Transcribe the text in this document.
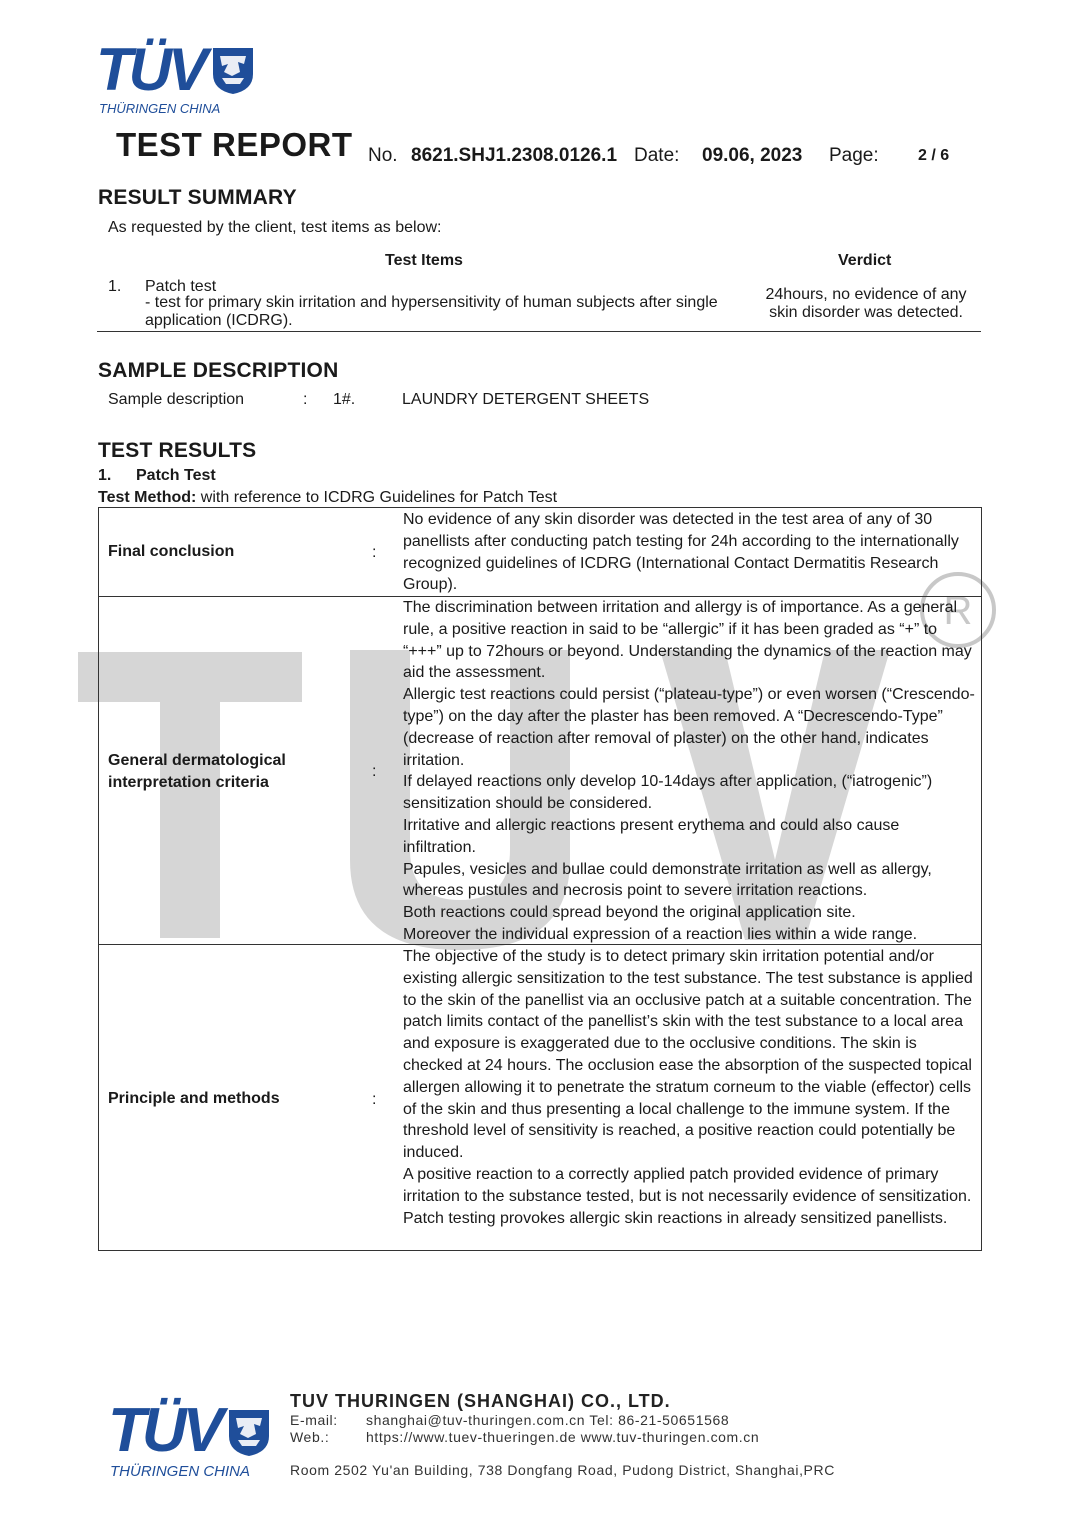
R
TÜV
THÜRINGEN CHINA
TEST REPORT No. 8621.SHJ1.2308.0126.1 Date: 09.06, 2023 Page: 2 / 6
RESULT SUMMARY
As requested by the client, test items as below:
Test Items	Verdict
1. Patch test
- test for primary skin irritation and hypersensitivity of human subjects after single application (ICDRG).
24hours, no evidence of any skin disorder was detected.
SAMPLE DESCRIPTION
Sample description	: 1#.	LAUNDRY DETERGENT SHEETS
TEST RESULTS
1. Patch Test
Test Method: with reference to ICDRG Guidelines for Patch Test
Final conclusion	:
No evidence of any skin disorder was detected in the test area of any of 30 panellists after conducting patch testing for 24h according to the internationally recognized guidelines of ICDRG (International Contact Dermatitis Research Group).
General dermatological interpretation criteria
:
The discrimination between irritation and allergy is of importance. As a general rule, a positive reaction in said to be “allergic” if it has been graded as “+” to “+++” up to 72hours or beyond. Understanding the dynamics of the reaction may aid the assessment.
Allergic test reactions could persist (“plateau-type”) or even worsen (“Crescendo-type”) on the day after the plaster has been removed. A “Decrescendo-Type” (decrease of reaction after removal of plaster) on the other hand, indicates irritation.
If delayed reactions only develop 10-14days after application, (“iatrogenic”) sensitization should be considered.
Irritative and allergic reactions present erythema and could also cause infiltration.
Papules, vesicles and bullae could demonstrate irritation as well as allergy, whereas pustules and necrosis point to severe irritation reactions.
Both reactions could spread beyond the original application site.
Moreover the individual expression of a reaction lies within a wide range.
Principle and methods	:
The objective of the study is to detect primary skin irritation potential and/or existing allergic sensitization to the test substance. The test substance is applied to the skin of the panellist via an occlusive patch at a suitable concentration. The patch limits contact of the panellist’s skin with the test substance to a local area and exposure is exaggerated due to the occlusive conditions. The skin is checked at 24 hours. The occlusion ease the absorption of the suspected topical allergen allowing it to penetrate the stratum corneum to the viable (effector) cells of the skin and thus presenting a local challenge to the immune system. If the threshold level of sensitivity is reached, a positive reaction could potentially be induced.
A positive reaction to a correctly applied patch provided evidence of primary irritation to the substance tested, but is not necessarily evidence of sensitization. Patch testing provokes allergic skin reactions in already sensitized panellists.
TÜV
THÜRINGEN CHINA
TUV THURINGEN (SHANGHAI) CO., LTD.
E-mail: shanghai@tuv-thuringen.com.cn Tel: 86-21-50651568
Web.:	https://www.tuev-thueringen.de www.tuv-thuringen.com.cn
Room 2502 Yu'an Building, 738 Dongfang Road, Pudong District, Shanghai,PRC
